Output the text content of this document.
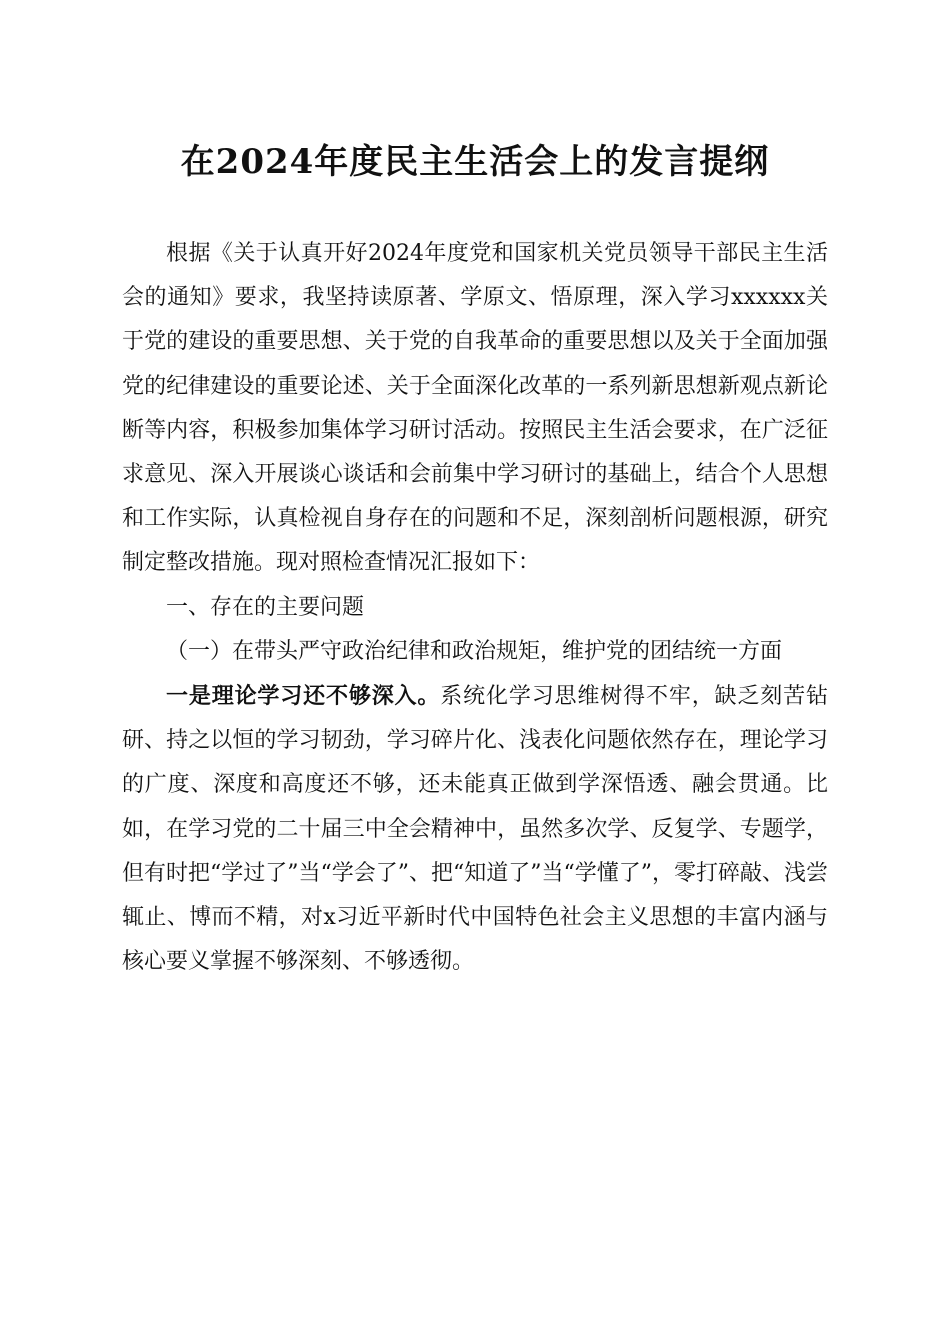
在2024年度民主生活会上的发言提纲

根据《关于认真开好2024年度党和国家机关党员领导干部民主生活会的通知》要求，我坚持读原著、学原文、悟原理，深入学习xxxxxx关于党的建设的重要思想、关于党的自我革命的重要思想以及关于全面加强党的纪律建设的重要论述、关于全面深化改革的一系列新思想新观点新论断等内容，积极参加集体学习研讨活动。按照民主生活会要求，在广泛征求意见、深入开展谈心谈话和会前集中学习研讨的基础上，结合个人思想和工作实际，认真检视自身存在的问题和不足，深刻剖析问题根源，研究制定整改措施。现对照检查情况汇报如下：

一、存在的主要问题

（一）在带头严守政治纪律和政治规矩，维护党的团结统一方面

一是理论学习还不够深入。系统化学习思维树得不牢，缺乏刻苦钻研、持之以恒的学习韧劲，学习碎片化、浅表化问题依然存在，理论学习的广度、深度和高度还不够，还未能真正做到学深悟透、融会贯通。比如，在学习党的二十届三中全会精神中，虽然多次学、反复学、专题学，但有时把“学过了”当“学会了”、把“知道了”当“学懂了”，零打碎敲、浅尝辄止、博而不精，对x习近平新时代中国特色社会主义思想的丰富内涵与核心要义掌握不够深刻、不够透彻。
